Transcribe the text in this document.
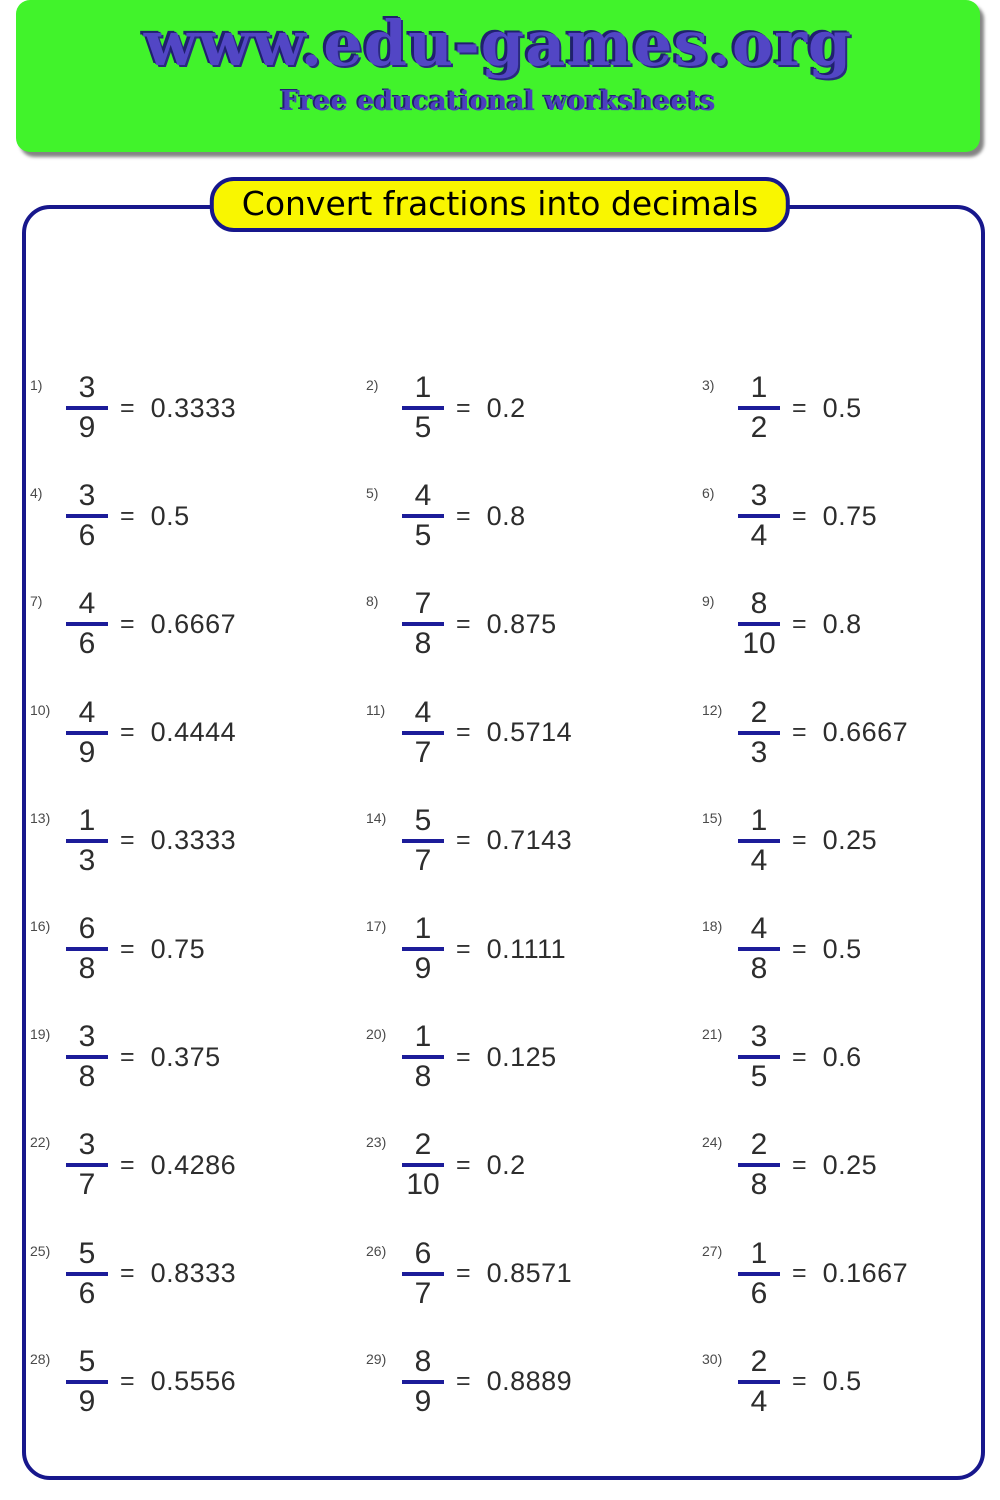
www.edu-games.org

Free educational worksheets

Convert fractions into decimals
$1) \frac{3}{9} = 0.3333$
$2) \frac{1}{5} = 0.2$
$3) \frac{1}{2} = 0.5$
$4) \frac{3}{6} = 0.5$
$5) \frac{4}{5} = 0.8$
$6) \frac{3}{4} = 0.75$
$7) \frac{4}{6} = 0.6667$
$8) \frac{7}{8} = 0.875$
$9) \frac{8}{10} = 0.8$
$10) \frac{4}{9} = 0.4444$
$11) \frac{4}{7} = 0.5714$
$12) \frac{2}{3} = 0.6667$
$13) \frac{1}{3} = 0.3333$
$14) \frac{5}{7} = 0.7143$
$15) \frac{1}{4} = 0.25$
$16) \frac{6}{8} = 0.75$
$17) \frac{1}{9} = 0.1111$
$18) \frac{4}{8} = 0.5$
$19) \frac{3}{8} = 0.375$
$20) \frac{1}{8} = 0.125$
$21) \frac{3}{5} = 0.6$
$22) \frac{3}{7} = 0.4286$
$23) \frac{2}{10} = 0.2$
$24) \frac{2}{8} = 0.25$
$25) \frac{5}{6} = 0.8333$
$26) \frac{6}{7} = 0.8571$
$27) \frac{1}{6} = 0.1667$
$28) \frac{5}{9} = 0.5556$
$29) \frac{8}{9} = 0.8889$
$30) \frac{2}{4} = 0.5$
